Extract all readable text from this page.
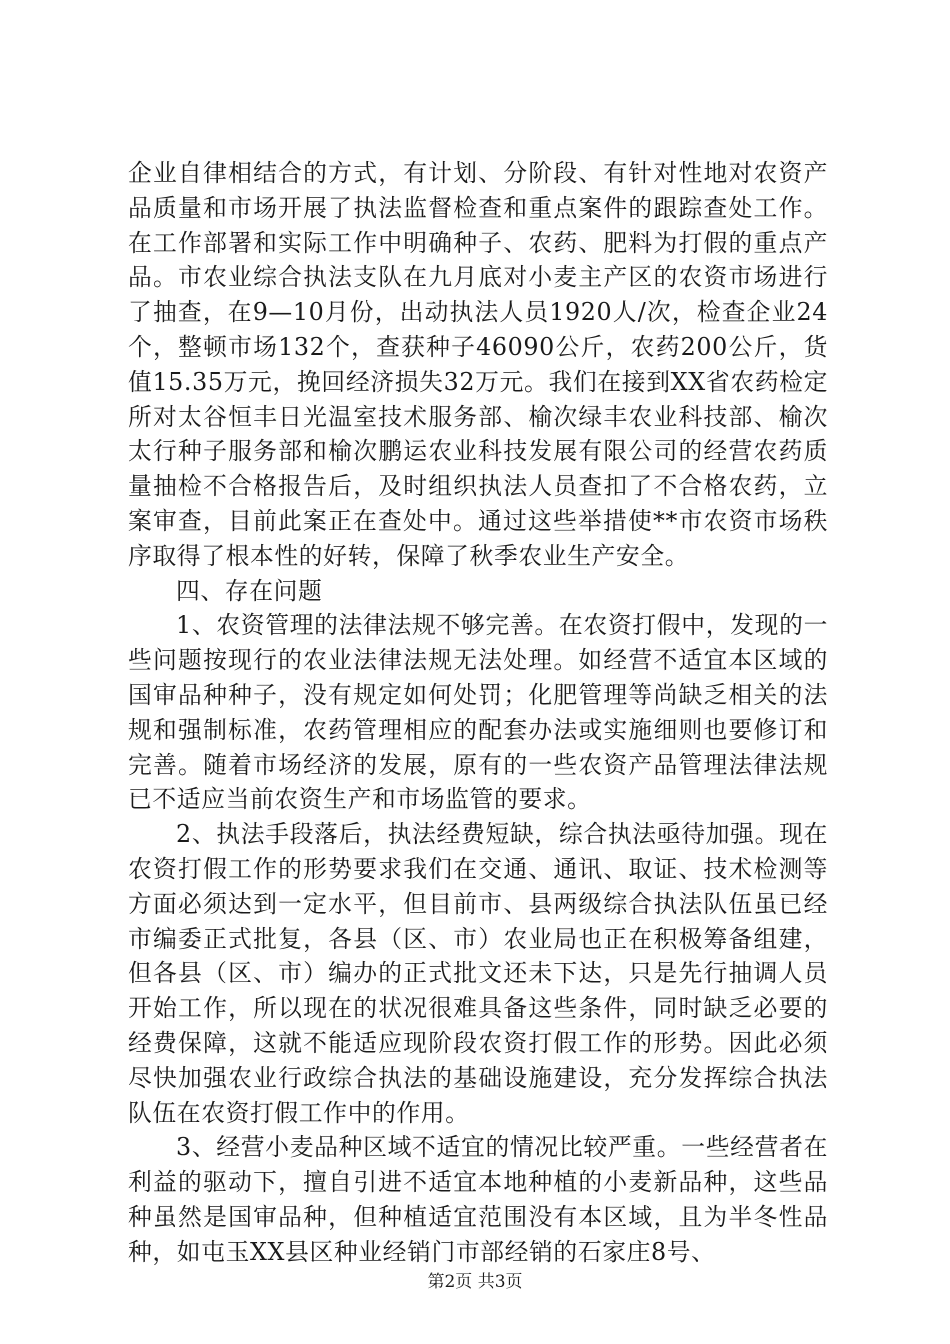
企业自律相结合的方式，有计划、分阶段、有针对性地对农资产品质量和市场开展了执法监督检查和重点案件的跟踪查处工作。在工作部署和实际工作中明确种子、农药、肥料为打假的重点产品。市农业综合执法支队在九月底对小麦主产区的农资市场进行了抽查，在9—10月份，出动执法人员1920人/次，检查企业24个，整顿市场132个，查获种子46090公斤，农药200公斤，货值15.35万元，挽回经济损失32万元。我们在接到XX省农药检定所对太谷恒丰日光温室技术服务部、榆次绿丰农业科技部、榆次太行种子服务部和榆次鹏运农业科技发展有限公司的经营农药质量抽检不合格报告后，及时组织执法人员查扣了不合格农药，立案审查，目前此案正在查处中。通过这些举措使**市农资市场秩序取得了根本性的好转，保障了秋季农业生产安全。

四、存在问题

1、农资管理的法律法规不够完善。在农资打假中，发现的一些问题按现行的农业法律法规无法处理。如经营不适宜本区域的国审品种种子，没有规定如何处罚；化肥管理等尚缺乏相关的法规和强制标准，农药管理相应的配套办法或实施细则也要修订和完善。随着市场经济的发展，原有的一些农资产品管理法律法规已不适应当前农资生产和市场监管的要求。

2、执法手段落后，执法经费短缺，综合执法亟待加强。现在农资打假工作的形势要求我们在交通、通讯、取证、技术检测等方面必须达到一定水平，但目前市、县两级综合执法队伍虽已经市编委正式批复，各县（区、市）农业局也正在积极筹备组建，但各县（区、市）编办的正式批文还未下达，只是先行抽调人员开始工作，所以现在的状况很难具备这些条件，同时缺乏必要的经费保障，这就不能适应现阶段农资打假工作的形势。因此必须尽快加强农业行政综合执法的基础设施建设，充分发挥综合执法队伍在农资打假工作中的作用。

3、经营小麦品种区域不适宜的情况比较严重。一些经营者在利益的驱动下，擅自引进不适宜本地种植的小麦新品种，这些品种虽然是国审品种，但种植适宜范围没有本区域，且为半冬性品种，如屯玉XX县区种业经销门市部经销的石家庄8号、

第2页 共3页
